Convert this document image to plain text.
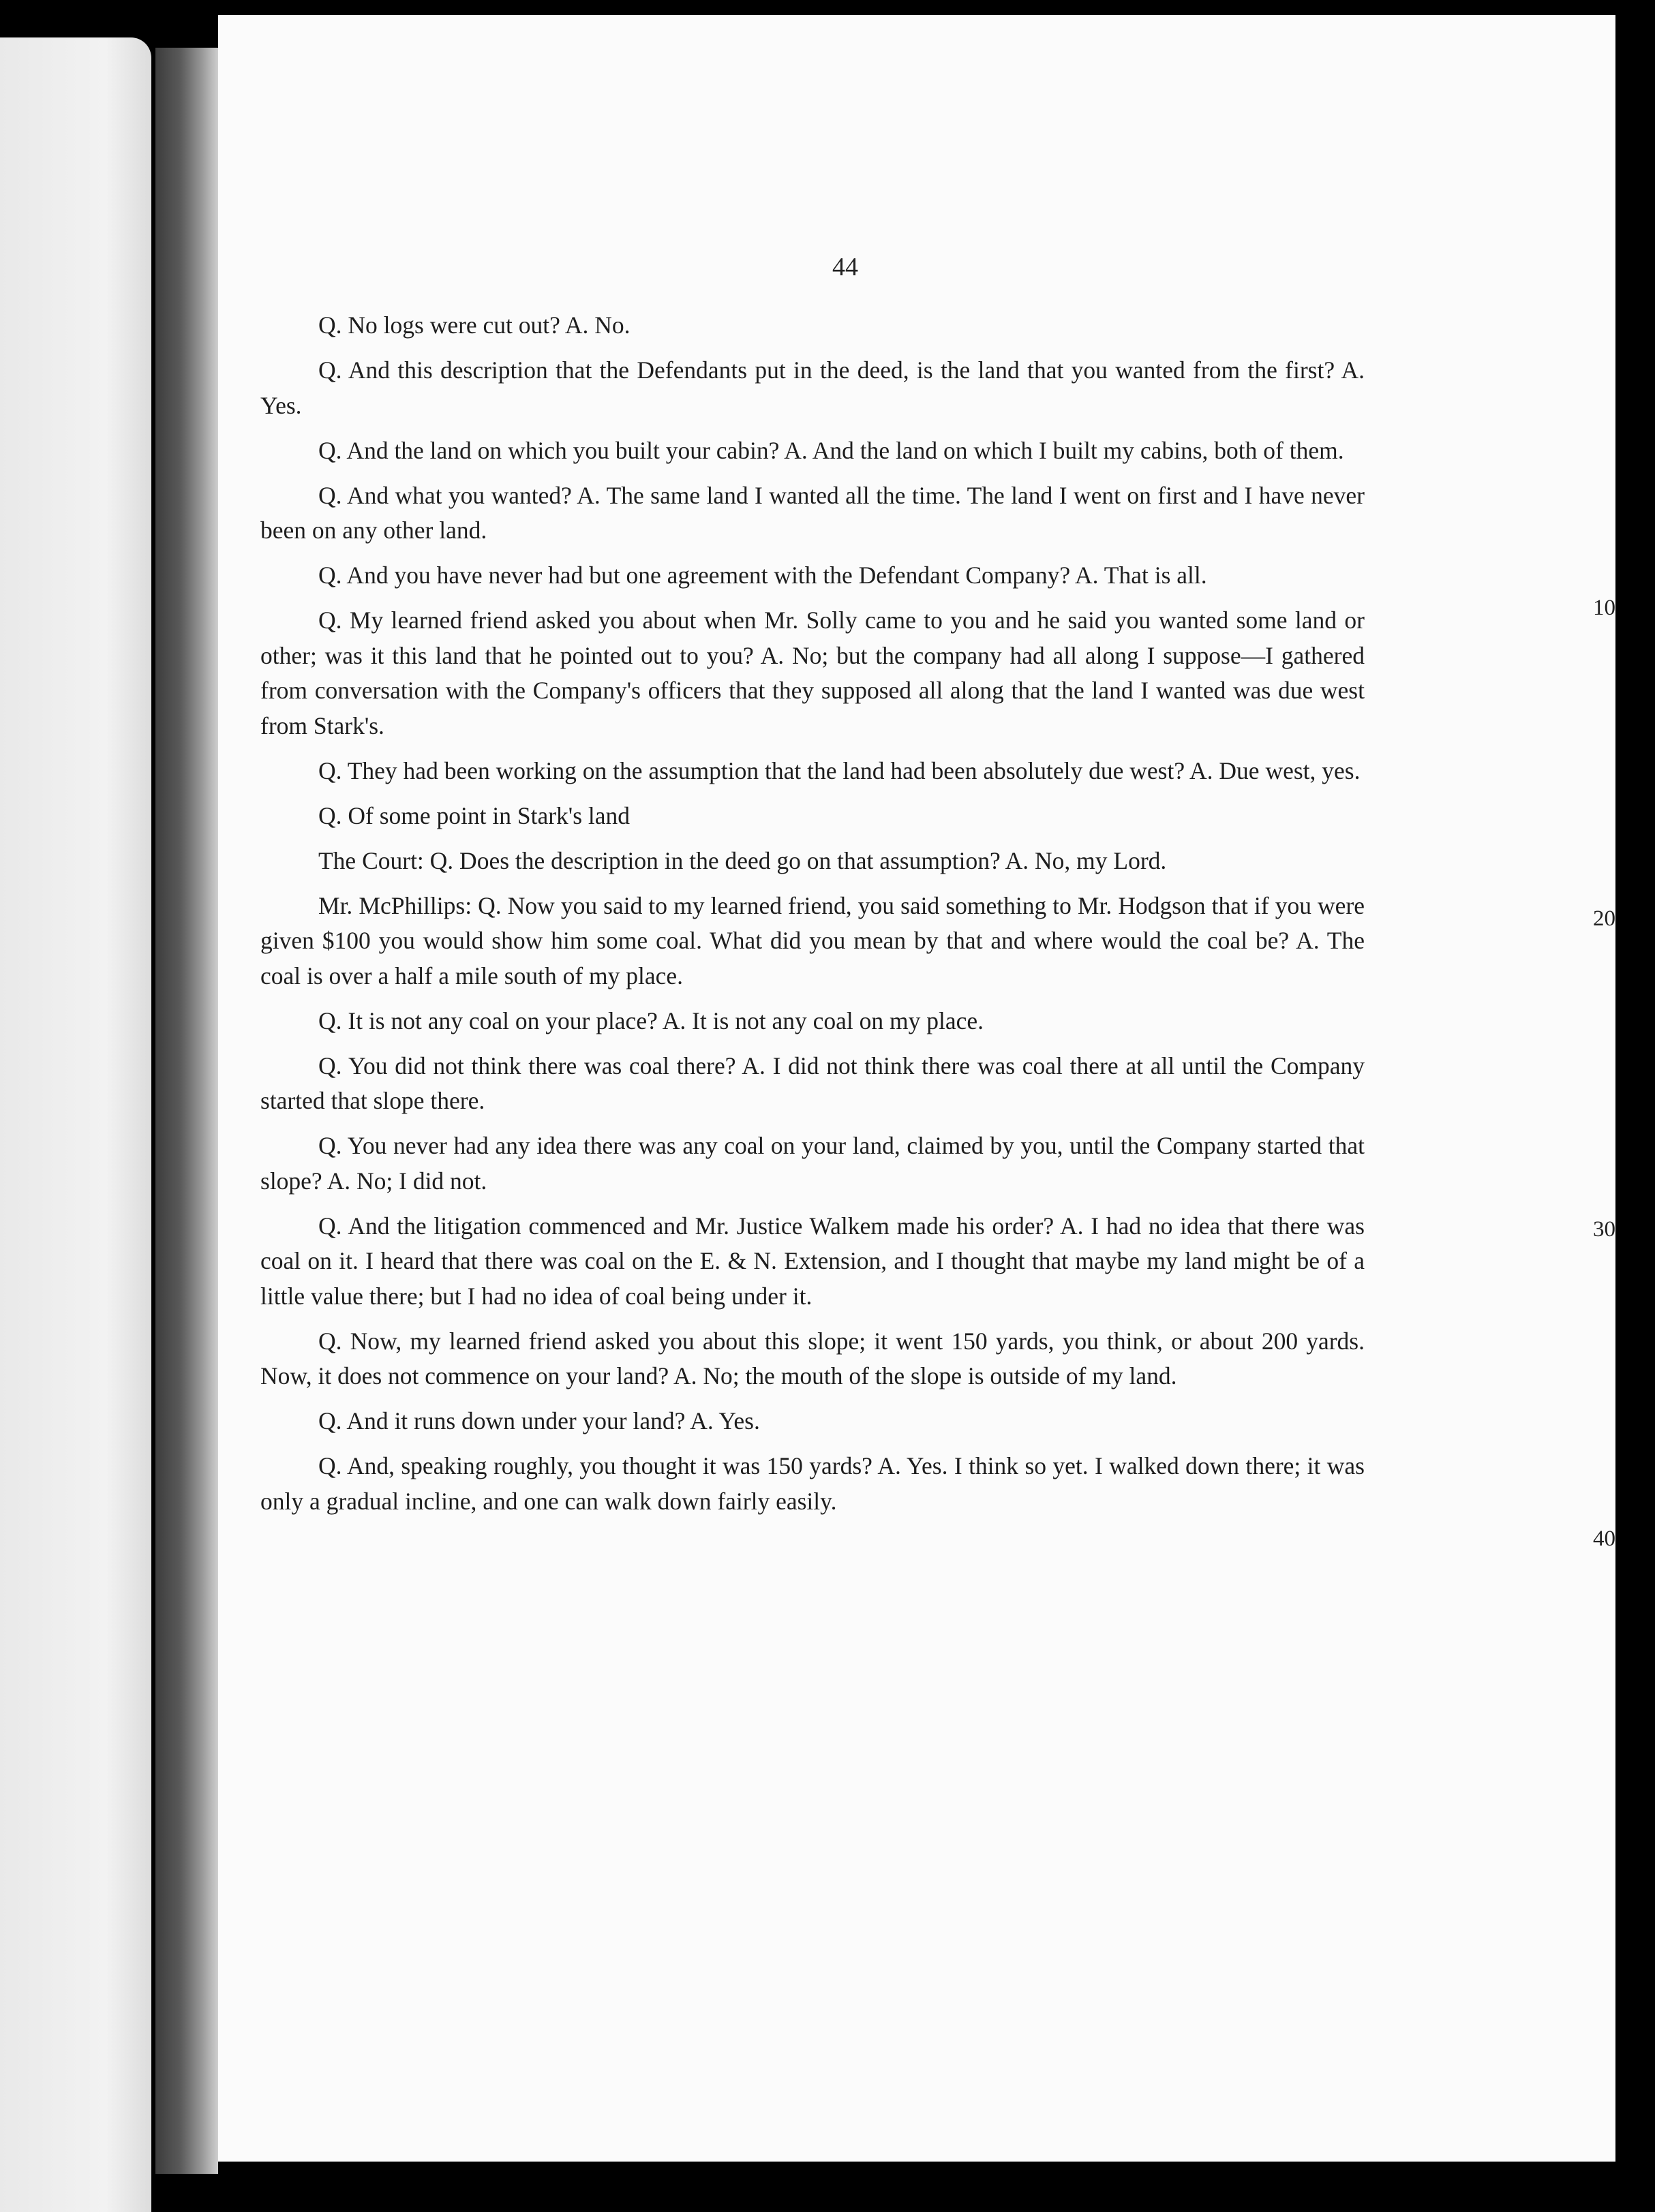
44

Q. No logs were cut out? A. No.

Q. And this description that the Defendants put in the deed, is the land that you wanted from the first? A. Yes.

Q. And the land on which you built your cabin? A. And the land on which I built my cabins, both of them.

Q. And what you wanted? A. The same land I wanted all the time. The land I went on first and I have never been on any other land.

Q. And you have never had but one agreement with the Defendant Company? A. That is all.

Q. My learned friend asked you about when Mr. Solly came to you and he said you wanted some land or other; was it this land that he pointed out to you? A. No; but the company had all along I suppose—I gathered from conversation with the Company's officers that they supposed all along that the land I wanted was due west from Stark's.

Q. They had been working on the assumption that the land had been absolutely due west? A. Due west, yes.

Q. Of some point in Stark's land

The Court: Q. Does the description in the deed go on that assumption? A. No, my Lord.

Mr. McPhillips: Q. Now you said to my learned friend, you said something to Mr. Hodgson that if you were given $100 you would show him some coal. What did you mean by that and where would the coal be? A. The coal is over a half a mile south of my place.

Q. It is not any coal on your place? A. It is not any coal on my place.

Q. You did not think there was coal there? A. I did not think there was coal there at all until the Company started that slope there.

Q. You never had any idea there was any coal on your land, claimed by you, until the Company started that slope? A. No; I did not.

Q. And the litigation commenced and Mr. Justice Walkem made his order? A. I had no idea that there was coal on it. I heard that there was coal on the E. & N. Extension, and I thought that maybe my land might be of a little value there; but I had no idea of coal being under it.

Q. Now, my learned friend asked you about this slope; it went 150 yards, you think, or about 200 yards. Now, it does not commence on your land? A. No; the mouth of the slope is outside of my land.

Q. And it runs down under your land? A. Yes.

Q. And, speaking roughly, you thought it was 150 yards? A. Yes. I think so yet. I walked down there; it was only a gradual incline, and one can walk down fairly easily.

10
20
30
40
